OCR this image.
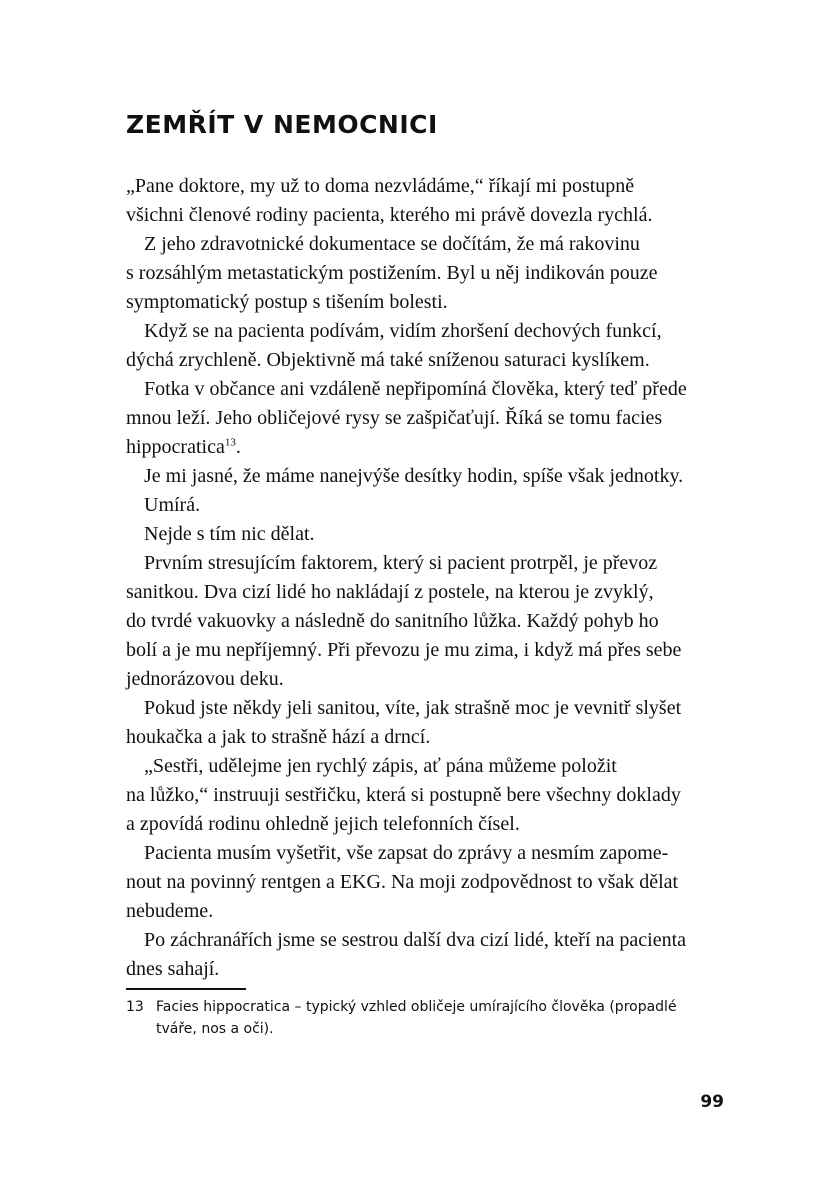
ZEMŘÍT V NEMOCNICI

„Pane doktore, my už to doma nezvládáme,“ říkají mi postupně
všichni členové rodiny pacienta, kterého mi právě dovezla rychlá.

Z jeho zdravotnické dokumentace se dočítám, že má rakovinu
s rozsáhlým metastatickým postižením. Byl u něj indikován pouze
symptomatický postup s tišením bolesti.

Když se na pacienta podívám, vidím zhoršení dechových funkcí,
dýchá zrychleně. Objektivně má také sníženou saturaci kyslíkem.

Fotka v občance ani vzdáleně nepřipomíná člověka, který teď přede
mnou leží. Jeho obličejové rysy se zašpičaťují. Říká se tomu facies
hippocratica$^{13}$.

Je mi jasné, že máme nanejvýše desítky hodin, spíše však jednotky.

Umírá.

Nejde s tím nic dělat.

Prvním stresujícím faktorem, který si pacient protrpěl, je převoz
sanitkou. Dva cizí lidé ho nakládají z postele, na kterou je zvyklý,
do tvrdé vakuovky a následně do sanitního lůžka. Každý pohyb ho
bolí a je mu nepříjemný. Při převozu je mu zima, i když má přes sebe
jednorázovou deku.

Pokud jste někdy jeli sanitou, víte, jak strašně moc je vevnitř slyšet
houkačka a jak to strašně hází a drncí.

„Sestři, udělejme jen rychlý zápis, ať pána můžeme položit
na lůžko,“ instruuji sestřičku, která si postupně bere všechny doklady
a zpovídá rodinu ohledně jejich telefonních čísel.

Pacienta musím vyšetřit, vše zapsat do zprávy a nesmím zapome-
nout na povinný rentgen a EKG. Na moji zodpovědnost to však dělat
nebudeme.

Po záchranářích jsme se sestrou další dva cizí lidé, kteří na pacienta
dnes sahají.

13 Facies hippocratica – typický vzhled obličeje umírajícího člověka (propadlé
tváře, nos a oči).
99
